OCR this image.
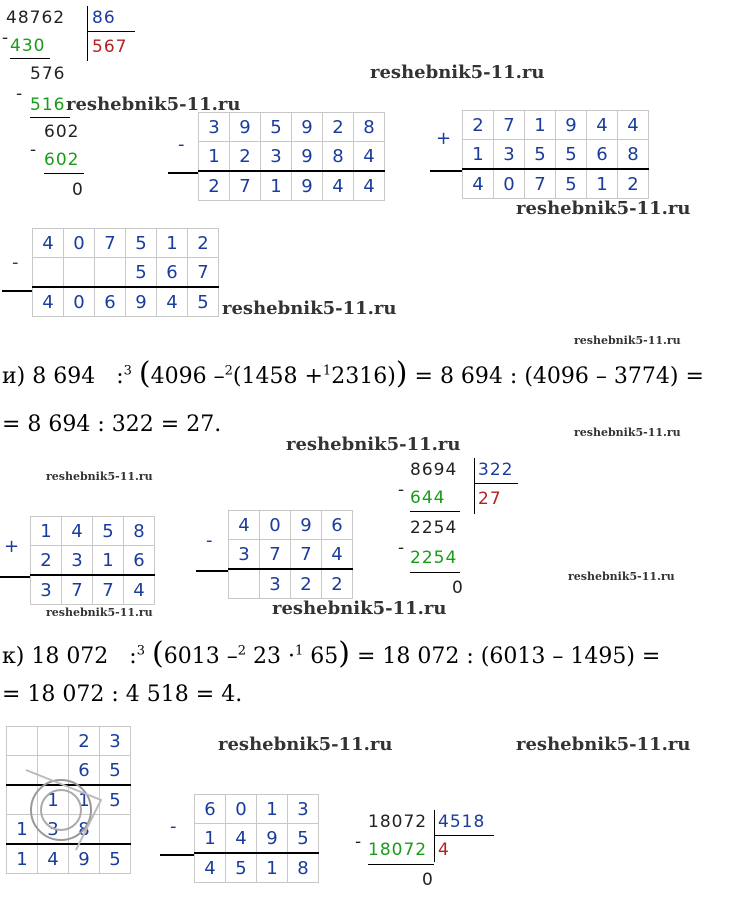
48762 86
- 430	567
576
-
516
602
- 602
0
-
3	9	5	9	2	8
1	2	3	9	8	4
2	7	1	9	4	4
+
2	7	1	9	4	4
1	3	5	5	6	8
4	0	7	5	1	2
-
4	0	7	5	1	2
			5	6	7
4	0	6	9	4	5
и) 8 694 :$^3$ (4096 –$^2$(1458 +$^1$2316)) = 8 694 : (4096 – 3774) =
= 8 694 : 322 = 27.
8694 322
- 644 27
2254
- 2254
0
+
1	4	5	8
2	3	1	6
3	7	7	4
-
4	0	9	6
3	7	7	4
	3	2	2
к) 18 072 :$^3$ (6013 –$^2$ 23 ·$^1$ 65) = 18 072 : (6013 – 1495) =
= 18 072 : 4 518 = 4.
		2	3
		6	5
	1	1	5
1	3	8	
1	4	9	5
-
6	0	1	3
1	4	9	5
4	5	1	8
18072 4518
- 18072 4
0
reshebnik5-11.ru
reshebnik5-11.ru
reshebnik5-11.ru
reshebnik5-11.ru
reshebnik5-11.ru
reshebnik5-11.ru
reshebnik5-11.ru
reshebnik5-11.ru
reshebnik5-11.ru
reshebnik5-11.ru	reshebnik5-11.ru
reshebnik5-11.ru	reshebnik5-11.ru
